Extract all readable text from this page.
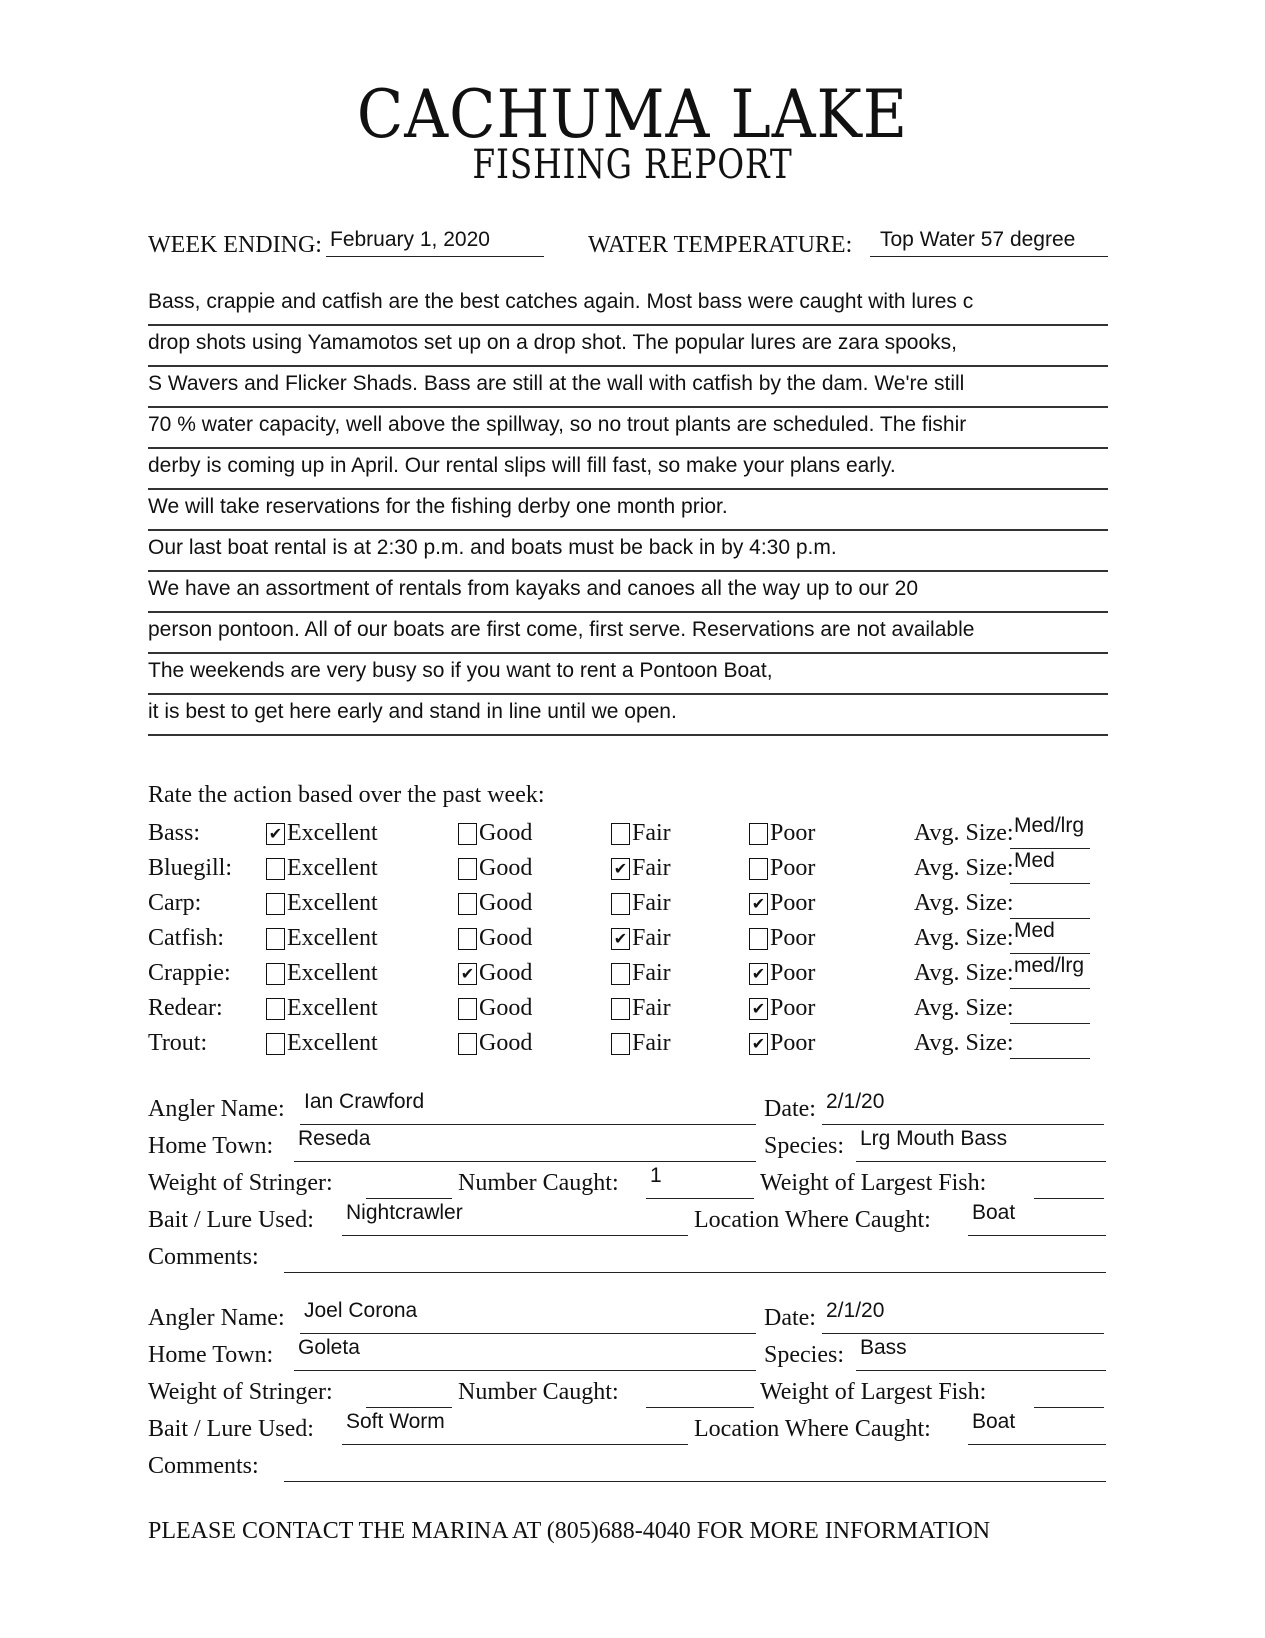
CACHUMA LAKE
FISHING REPORT
WEEK ENDING: February 1, 2020	WATER TEMPERATURE: Top Water 57 degree
Bass, crappie and catfish are the best catches again. Most bass were caught with lures c
drop shots using Yamamotos set up on a drop shot. The popular lures are zara spooks,
S Wavers and Flicker Shads. Bass are still at the wall with catfish by the dam. We're still
70 % water capacity, well above the spillway, so no trout plants are scheduled. The fishir
derby is coming up in April. Our rental slips will fill fast, so make your plans early.
We will take reservations for the fishing derby one month prior.
Our last boat rental is at 2:30 p.m. and boats must be back in by 4:30 p.m.
We have an assortment of rentals from kayaks and canoes all the way up to our 20
person pontoon. All of our boats are first come, first serve. Reservations are not available
The weekends are very busy so if you want to rent a Pontoon Boat,
it is best to get here early and stand in line until we open.
Rate the action based over the past week:
Bass:	✔ Excellent	Good	Fair	Poor	Avg. Size: Med/lrg
Bluegill: Excellent	Good	✔ Fair	Poor	Avg. Size: Med
Carp:	Excellent	Good	Fair	✔ Poor	Avg. Size:
Catfish:	Excellent	Good	✔ Fair	Poor	Avg. Size: Med
Crappie: Excellent	✔ Good	Fair	✔ Poor	Avg. Size: med/lrg
Redear:	Excellent	Good	Fair	✔ Poor	Avg. Size:
Trout:	Excellent	Good	Fair	✔ Poor	Avg. Size:
Angler Name: Ian Crawford	Date: 2/1/20
Home Town: Reseda	Species: Lrg Mouth Bass
Weight of Stringer:	Number Caught: 1	Weight of Largest Fish:
Bait / Lure Used: Nightcrawler	Location Where Caught: Boat
Comments:
Angler Name: Joel Corona	Date: 2/1/20
Home Town: Goleta	Species: Bass
Weight of Stringer:	Number Caught:	Weight of Largest Fish:
Bait / Lure Used: Soft Worm	Location Where Caught: Boat
Comments:
PLEASE CONTACT THE MARINA AT (805)688-4040 FOR MORE INFORMATION
